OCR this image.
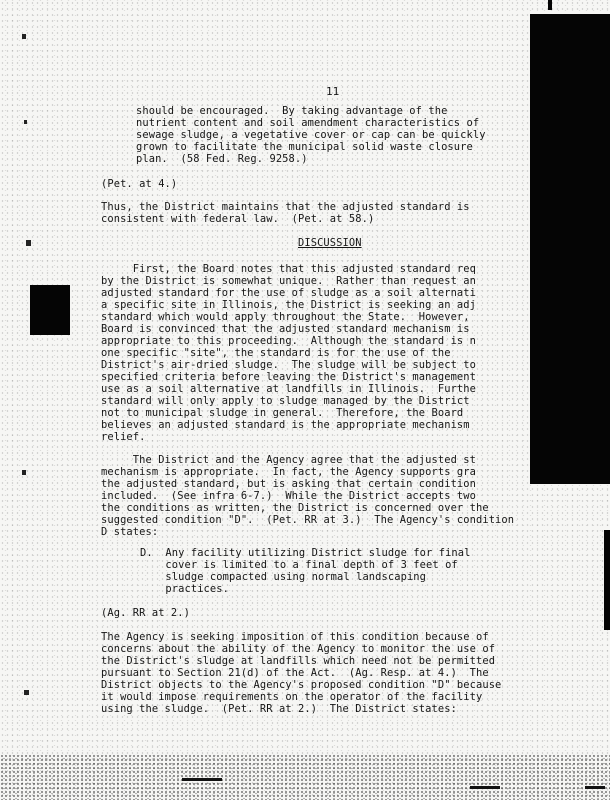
11
should be encouraged.  By taking advantage of the
nutrient content and soil amendment characteristics of
sewage sludge, a vegetative cover or cap can be quickly
grown to facilitate the municipal solid waste closure
plan.  (58 Fed. Reg. 9258.)
(Pet. at 4.)
Thus, the District maintains that the adjusted standard is
consistent with federal law.  (Pet. at 58.)
DISCUSSION
First, the Board notes that this adjusted standard req
by the District is somewhat unique.  Rather than request an
adjusted standard for the use of sludge as a soil alternati
a specific site in Illinois, the District is seeking an adj
standard which would apply throughout the State.  However,
Board is convinced that the adjusted standard mechanism is
appropriate to this proceeding.  Although the standard is n
one specific "site", the standard is for the use of the
District's air-dried sludge.  The sludge will be subject to
specified criteria before leaving the District's management
use as a soil alternative at landfills in Illinois.  Furthe
standard will only apply to sludge managed by the District
not to municipal sludge in general.  Therefore, the Board
believes an adjusted standard is the appropriate mechanism
relief.
The District and the Agency agree that the adjusted st
mechanism is appropriate.  In fact, the Agency supports gra
the adjusted standard, but is asking that certain condition
included.  (See infra 6-7.)  While the District accepts two
the conditions as written, the District is concerned over the
suggested condition "D".  (Pet. RR at 3.)  The Agency's condition
D states:
D.  Any facility utilizing District sludge for final
cover is limited to a final depth of 3 feet of
sludge compacted using normal landscaping
practices.
(Ag. RR at 2.)
The Agency is seeking imposition of this condition because of
concerns about the ability of the Agency to monitor the use of
the District's sludge at landfills which need not be permitted
pursuant to Section 21(d) of the Act.  (Ag. Resp. at 4.)  The
District objects to the Agency's proposed condition "D" because
it would impose requirements on the operator of the facility
using the sludge.  (Pet. RR at 2.)  The District states:
